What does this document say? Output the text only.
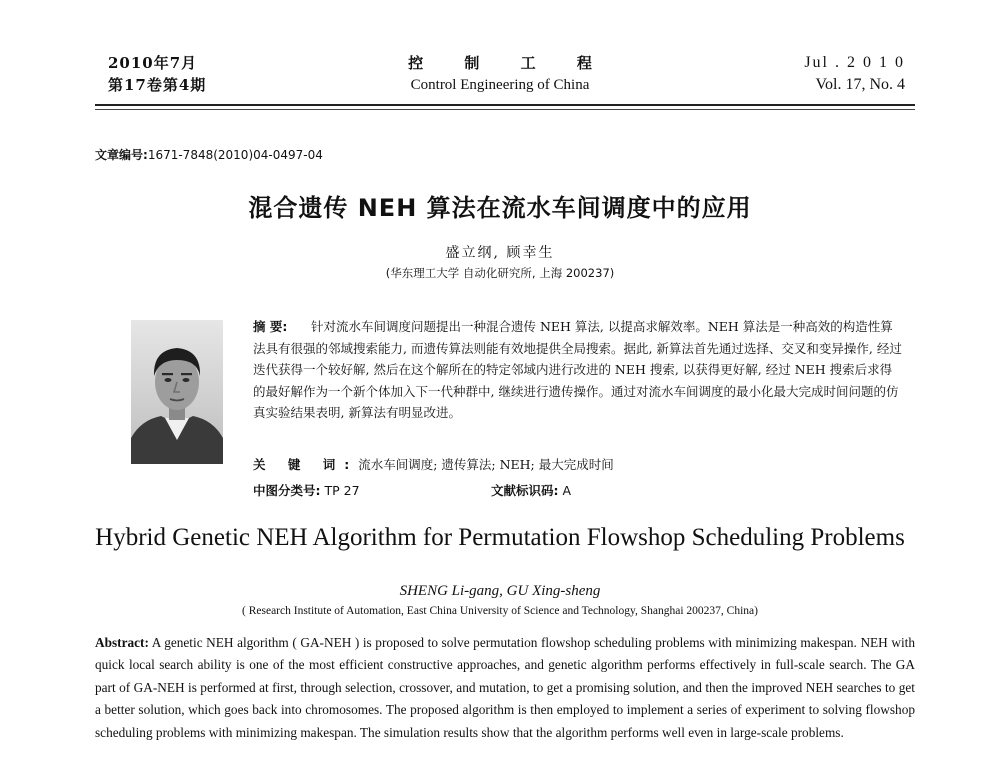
2010年7月
第17卷第4期
控 制 工 程
Control Engineering of China
Jul . 2 0 1 0
Vol. 17, No. 4
文章编号:1671-7848(2010)04-0497-04
混合遗传 NEH 算法在流水车间调度中的应用
盛立纲, 顾幸生
(华东理工大学 自动化研究所, 上海 200237)
摘 要: 针对流水车间调度问题提出一种混合遗传 NEH 算法, 以提高求解效率。NEH 算法是一种高效的构造性算法具有很强的邻域搜索能力, 而遗传算法则能有效地提供全局搜索。据此, 新算法首先通过选择、交叉和变异操作, 经过迭代获得一个较好解, 然后在这个解所在的特定邻域内进行改进的 NEH 搜索, 以获得更好解, 经过 NEH 搜索后求得的最好解作为一个新个体加入下一代种群中, 继续进行遗传操作。通过对流水车间调度的最小化最大完成时间问题的仿真实验结果表明, 新算法有明显改进。
关 键 词:流水车间调度; 遗传算法; NEH; 最大完成时间
中图分类号: TP 27	文献标识码: A
Hybrid Genetic NEH Algorithm for Permutation Flowshop Scheduling Problems
SHENG Li-gang, GU Xing-sheng
( Research Institute of Automation, East China University of Science and Technology, Shanghai 200237, China)
Abstract: A genetic NEH algorithm ( GA-NEH ) is proposed to solve permutation flowshop scheduling problems with minimizing makespan. NEH with quick local search ability is one of the most efficient constructive approaches, and genetic algorithm performs effectively in full-scale search. The GA part of GA-NEH is performed at first, through selection, crossover, and mutation, to get a promising solution, and then the improved NEH searches to get a better solution, which goes back into chromosomes. The proposed algorithm is then employed to implement a series of experiment to solving flowshop scheduling problems with minimizing makespan. The simulation results show that the algorithm performs well even in large-scale problems.
